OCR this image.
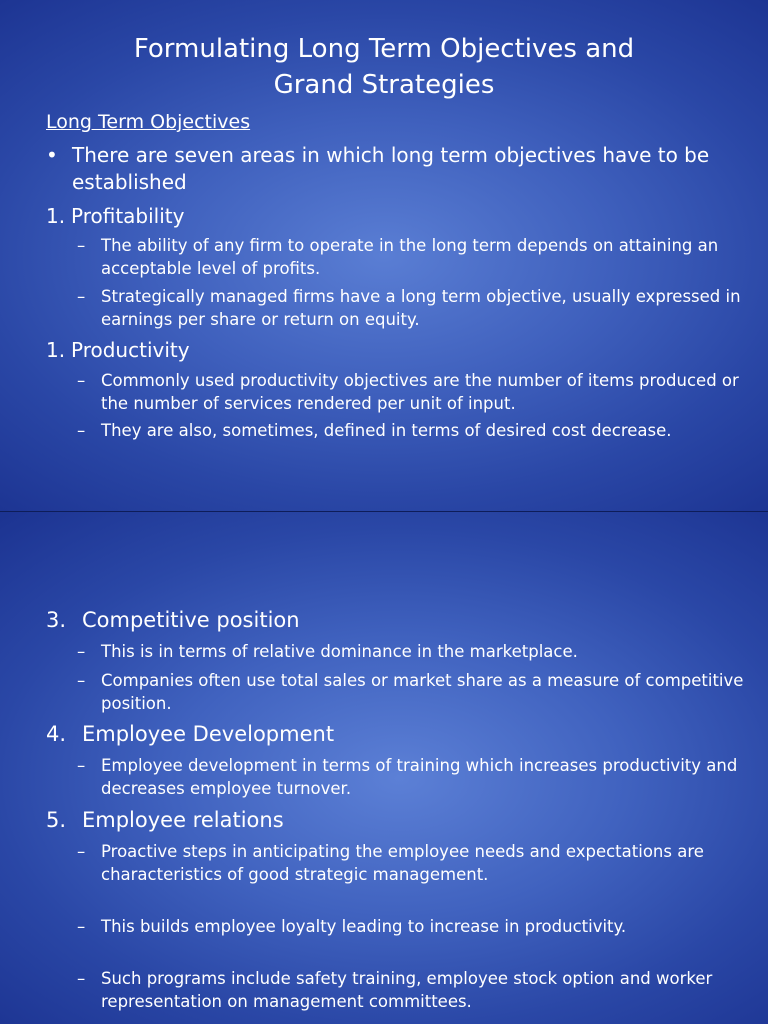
Formulating Long Term Objectives and
Grand Strategies

Long Term Objectives

• There are seven areas in which long term objectives have to be established
1. Profitability
– The ability of any firm to operate in the long term depends on attaining an acceptable level of profits.
– Strategically managed firms have a long term objective, usually expressed in earnings per share or return on equity.
1. Productivity
– Commonly used productivity objectives are the number of items produced or the number of services rendered per unit of input.
– They are also, sometimes, defined in terms of desired cost decrease.
3. Competitive position
– This is in terms of relative dominance in the marketplace.
– Companies often use total sales or market share as a measure of competitive position.
4. Employee Development
– Employee development in terms of training which increases productivity and decreases employee turnover.
5. Employee relations
– Proactive steps in anticipating the employee needs and expectations are characteristics of good strategic management.
– This builds employee loyalty leading to increase in productivity.
– Such programs include safety training, employee stock option and worker representation on management committees.
